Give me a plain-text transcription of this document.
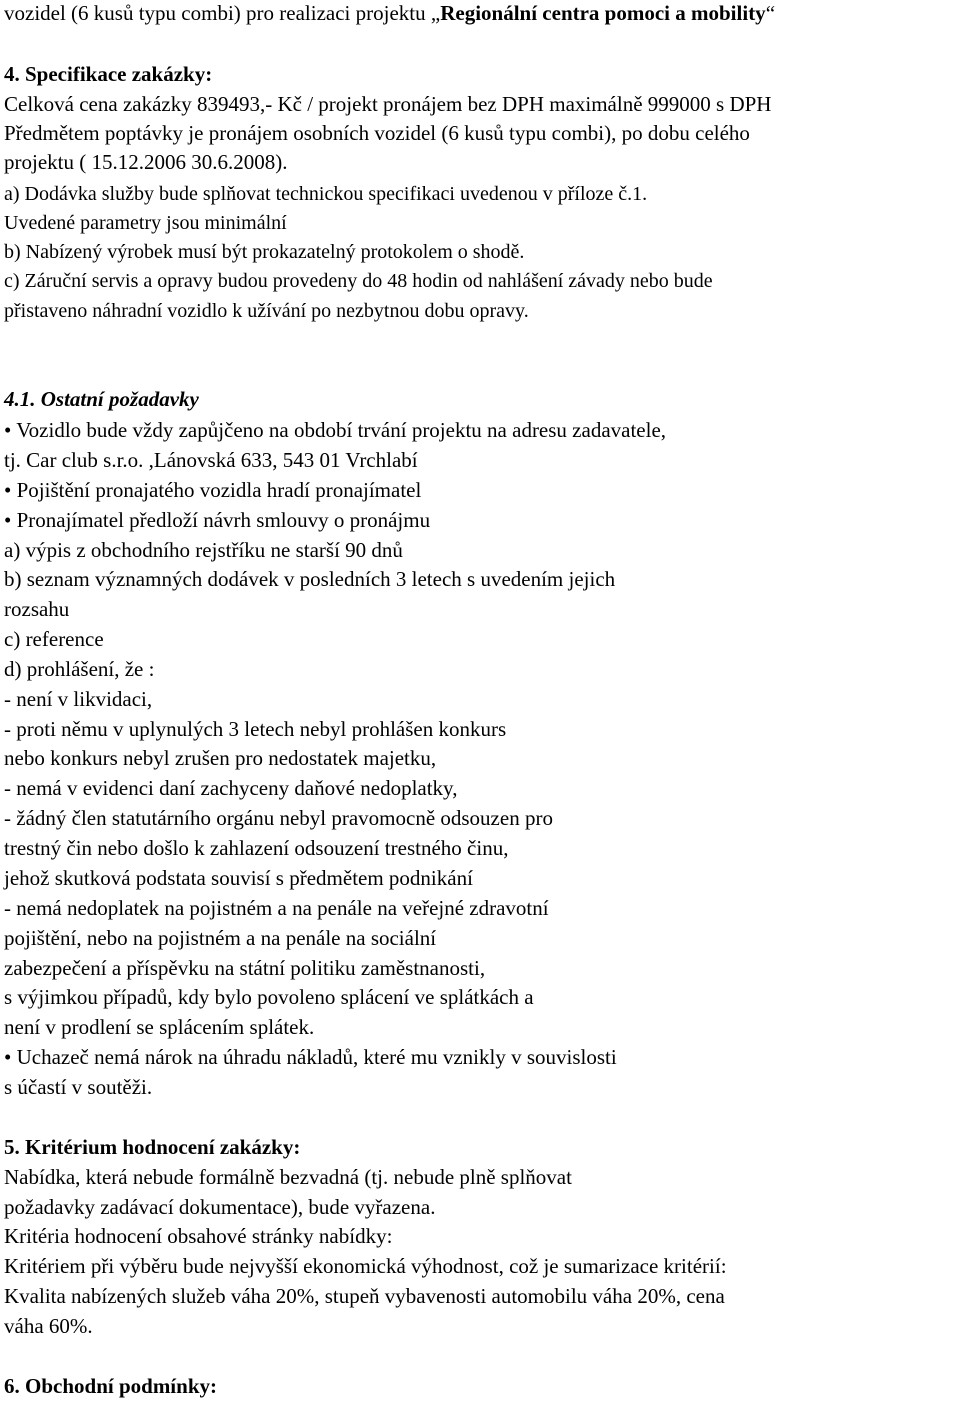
vozidel (6 kusů typu combi) pro realizaci projektu „Regionální centra pomoci a mobility“
4. Specifikace zakázky:
Celková cena zakázky 839493,- Kč / projekt pronájem bez DPH maximálně 999000 s DPH
Předmětem poptávky je pronájem osobních vozidel (6 kusů typu combi), po dobu celého
projektu ( 15.12.2006 30.6.2008).
a) Dodávka služby bude splňovat technickou specifikaci uvedenou v příloze č.1.
Uvedené parametry jsou minimální
b) Nabízený výrobek musí být prokazatelný protokolem o shodě.
c) Záruční servis a opravy budou provedeny do 48 hodin od nahlášení závady nebo bude
přistaveno náhradní vozidlo k užívání po nezbytnou dobu opravy.
4.1. Ostatní požadavky
• Vozidlo bude vždy zapůjčeno na období trvání projektu na adresu zadavatele,
tj. Car club s.r.o. ,Lánovská 633, 543 01 Vrchlabí
• Pojištění pronajatého vozidla hradí pronajímatel
• Pronajímatel předloží návrh smlouvy o pronájmu
a) výpis z obchodního rejstříku ne starší 90 dnů
b) seznam významných dodávek v posledních 3 letech s uvedením jejich
rozsahu
c) reference
d) prohlášení, že :
- není v likvidaci,
- proti němu v uplynulých 3 letech nebyl prohlášen konkurs
nebo konkurs nebyl zrušen pro nedostatek majetku,
- nemá v evidenci daní zachyceny daňové nedoplatky,
- žádný člen statutárního orgánu nebyl pravomocně odsouzen pro
trestný čin nebo došlo k zahlazení odsouzení trestného činu,
jehož skutková podstata souvisí s předmětem podnikání
- nemá nedoplatek na pojistném a na penále na veřejné zdravotní
pojištění, nebo na pojistném a na penále na sociální
zabezpečení a příspěvku na státní politiku zaměstnanosti,
s výjimkou případů, kdy bylo povoleno splácení ve splátkách a
není v prodlení se splácením splátek.
• Uchazeč nemá nárok na úhradu nákladů, které mu vznikly v souvislosti
s účastí v soutěži.
5. Kritérium hodnocení zakázky:
Nabídka, která nebude formálně bezvadná (tj. nebude plně splňovat
požadavky zadávací dokumentace), bude vyřazena.
Kritéria hodnocení obsahové stránky nabídky:
Kritériem při výběru bude nejvyšší ekonomická výhodnost, což je sumarizace kritérií:
Kvalita nabízených služeb váha 20%, stupeň vybavenosti automobilu váha 20%, cena
váha 60%.
6. Obchodní podmínky:
